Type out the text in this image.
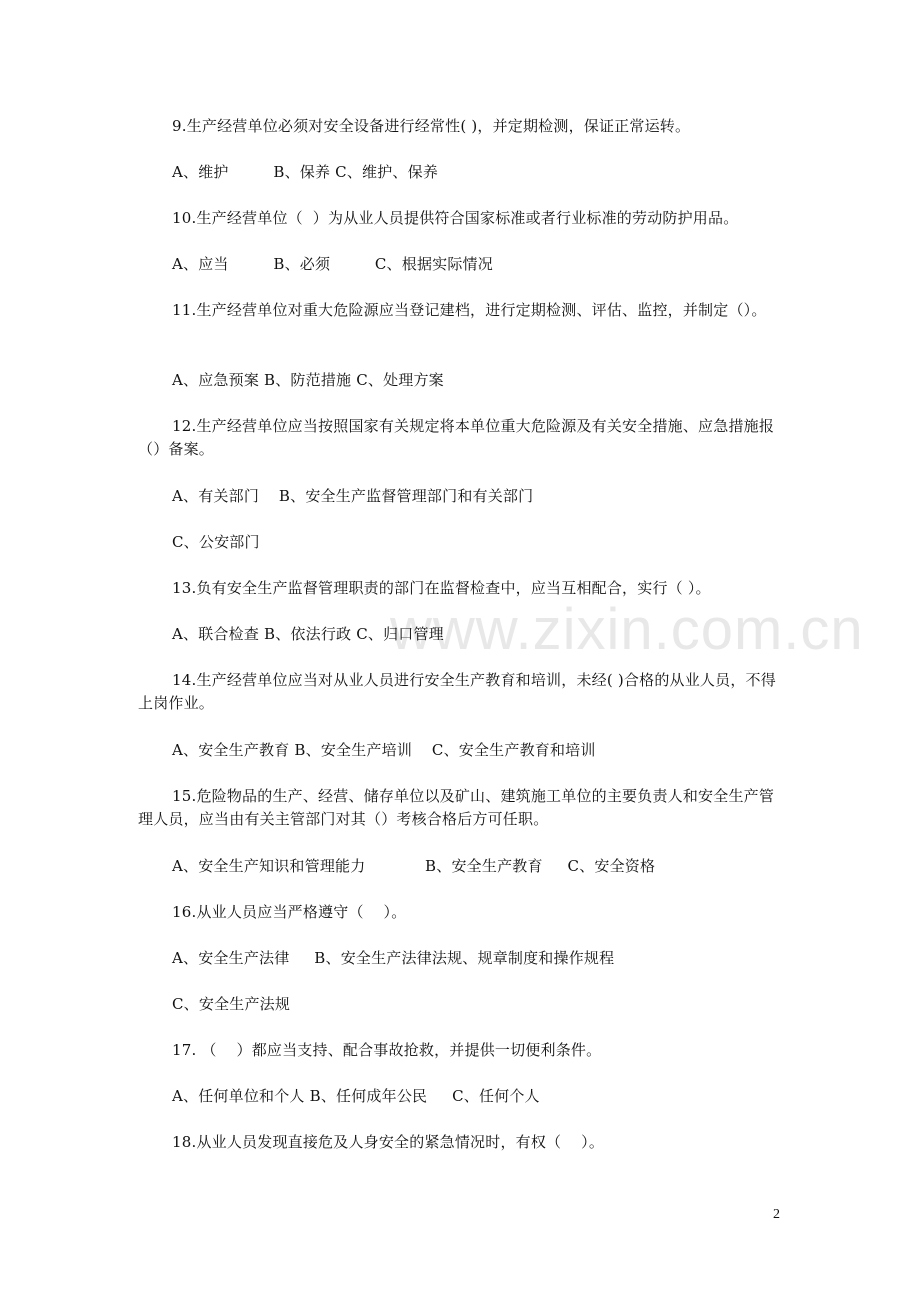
www.zixin.com.cn
9.生产经营单位必须对安全设备进行经常性( )，并定期检测，保证正常运转。
A、维护         B、保养 C、维护、保养
10.生产经营单位（  ）为从业人员提供符合国家标准或者行业标准的劳动防护用品。
A、应当         B、必须         C、根据实际情况
11.生产经营单位对重大危险源应当登记建档，进行定期检测、评估、监控，并制定（）。
A、应急预案 B、防范措施 C、处理方案
12.生产经营单位应当按照国家有关规定将本单位重大危险源及有关安全措施、应急措施报（）备案。
A、有关部门    B、安全生产监督管理部门和有关部门
C、公安部门
13.负有安全生产监督管理职责的部门在监督检查中，应当互相配合，实行（ ）。
A、联合检查 B、依法行政 C、归口管理
14.生产经营单位应当对从业人员进行安全生产教育和培训，未经( )合格的从业人员，不得上岗作业。
A、安全生产教育 B、安全生产培训    C、安全生产教育和培训
15.危险物品的生产、经营、储存单位以及矿山、建筑施工单位的主要负责人和安全生产管理人员，应当由有关主管部门对其（）考核合格后方可任职。
A、安全生产知识和管理能力            B、安全生产教育     C、安全资格
16.从业人员应当严格遵守（    ）。
A、安全生产法律     B、安全生产法律法规、规章制度和操作规程
C、安全生产法规
17. （    ）都应当支持、配合事故抢救，并提供一切便利条件。
A、任何单位和个人 B、任何成年公民     C、任何个人
18.从业人员发现直接危及人身安全的紧急情况时，有权（    ）。
2
